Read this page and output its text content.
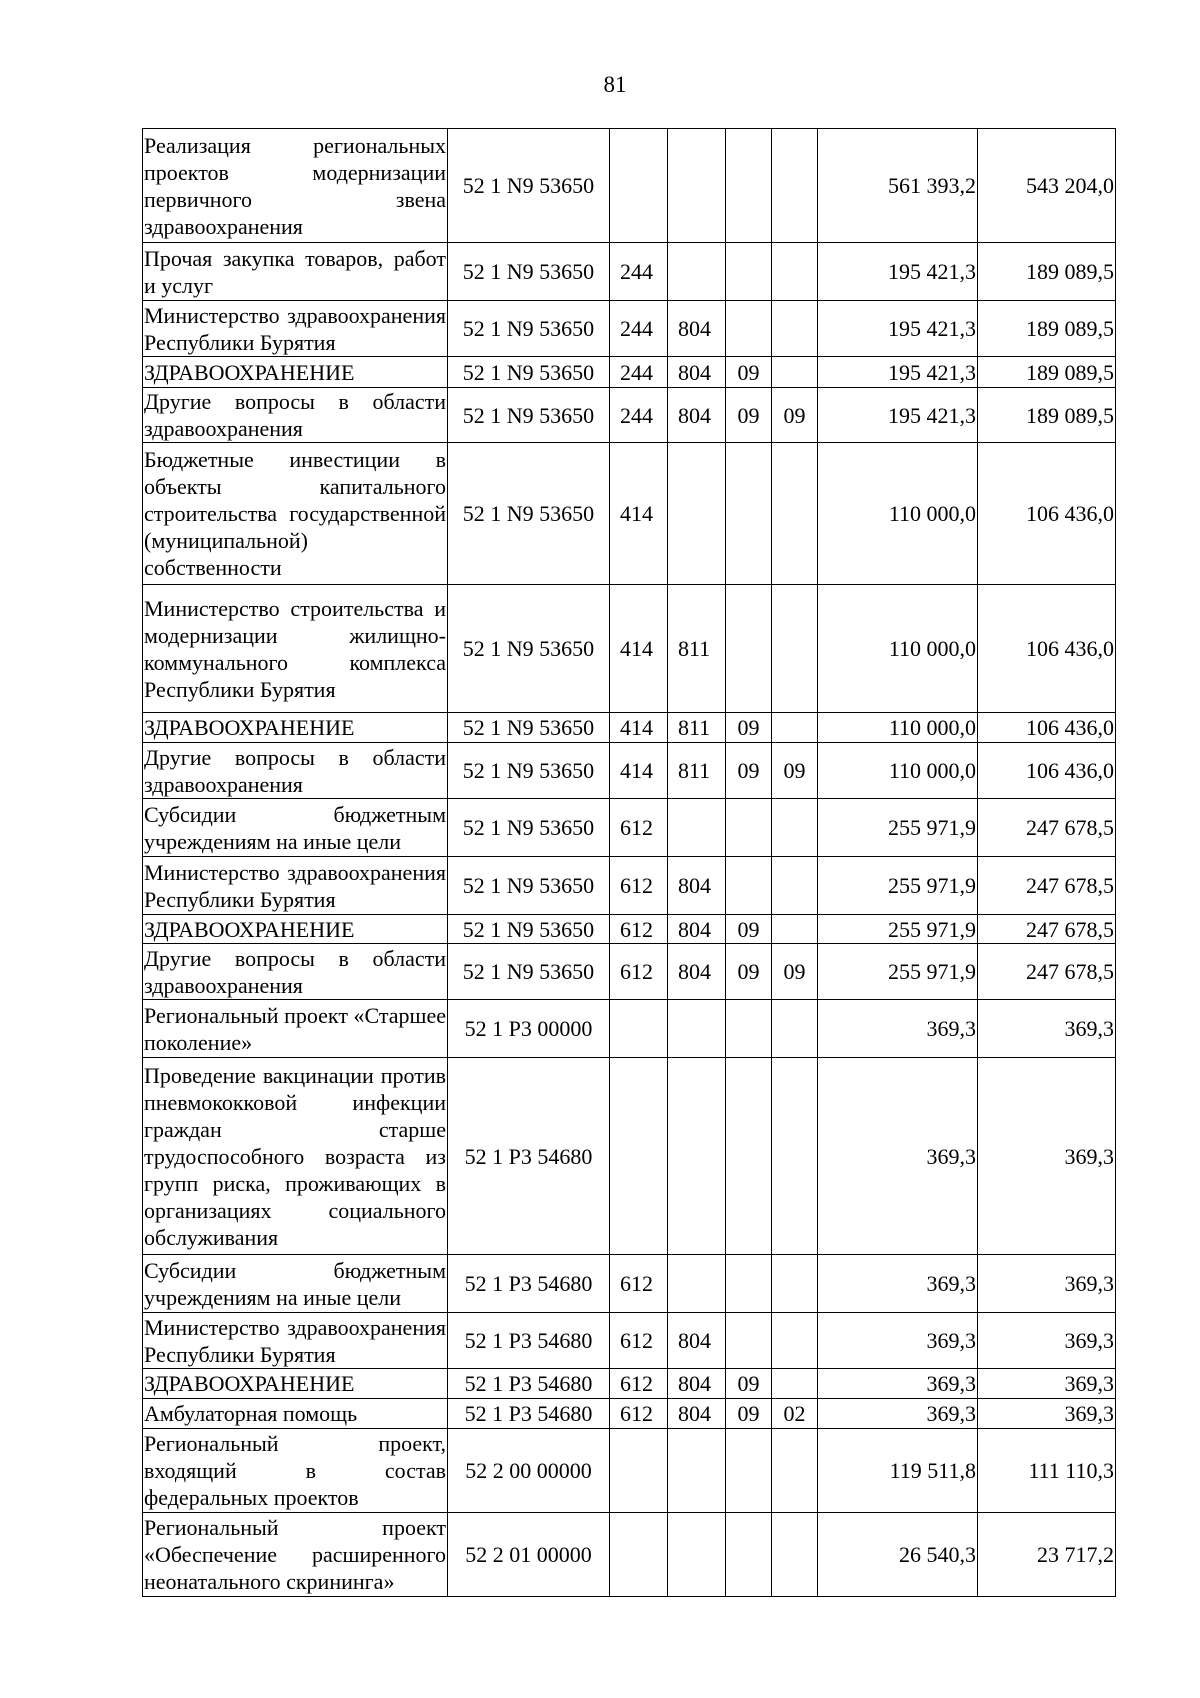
81
Реализация региональных проектов модернизации первичного звена здравоохранения	52 1 N9 53650					561 393,2	543 204,0
Прочая закупка товаров, работ и услуг	52 1 N9 53650	244				195 421,3	189 089,5
Министерство здравоохранения Республики Бурятия	52 1 N9 53650	244	804			195 421,3	189 089,5
ЗДРАВООХРАНЕНИЕ	52 1 N9 53650	244	804	09		195 421,3	189 089,5
Другие вопросы в области здравоохранения	52 1 N9 53650	244	804	09	09	195 421,3	189 089,5
Бюджетные инвестиции в объекты капитального строительства государственной (муниципальной) собственности	52 1 N9 53650	414				110 000,0	106 436,0
Министерство строительства и модернизации жилищно-коммунального комплекса Республики Бурятия	52 1 N9 53650	414	811			110 000,0	106 436,0
ЗДРАВООХРАНЕНИЕ	52 1 N9 53650	414	811	09		110 000,0	106 436,0
Другие вопросы в области здравоохранения	52 1 N9 53650	414	811	09	09	110 000,0	106 436,0
Субсидии бюджетным учреждениям на иные цели	52 1 N9 53650	612				255 971,9	247 678,5
Министерство здравоохранения Республики Бурятия	52 1 N9 53650	612	804			255 971,9	247 678,5
ЗДРАВООХРАНЕНИЕ	52 1 N9 53650	612	804	09		255 971,9	247 678,5
Другие вопросы в области здравоохранения	52 1 N9 53650	612	804	09	09	255 971,9	247 678,5
Региональный проект «Старшее поколение»	52 1 P3 00000					369,3	369,3
Проведение вакцинации против пневмококковой инфекции граждан старше трудоспособного возраста из групп риска, проживающих в организациях социального обслуживания	52 1 P3 54680					369,3	369,3
Субсидии бюджетным учреждениям на иные цели	52 1 P3 54680	612				369,3	369,3
Министерство здравоохранения Республики Бурятия	52 1 P3 54680	612	804			369,3	369,3
ЗДРАВООХРАНЕНИЕ	52 1 P3 54680	612	804	09		369,3	369,3
Амбулаторная помощь	52 1 P3 54680	612	804	09	02	369,3	369,3
Региональный проект, входящий в состав федеральных проектов	52 2 00 00000					119 511,8	111 110,3
Региональный проект «Обеспечение расширенного неонатального скрининга»	52 2 01 00000					26 540,3	23 717,2
